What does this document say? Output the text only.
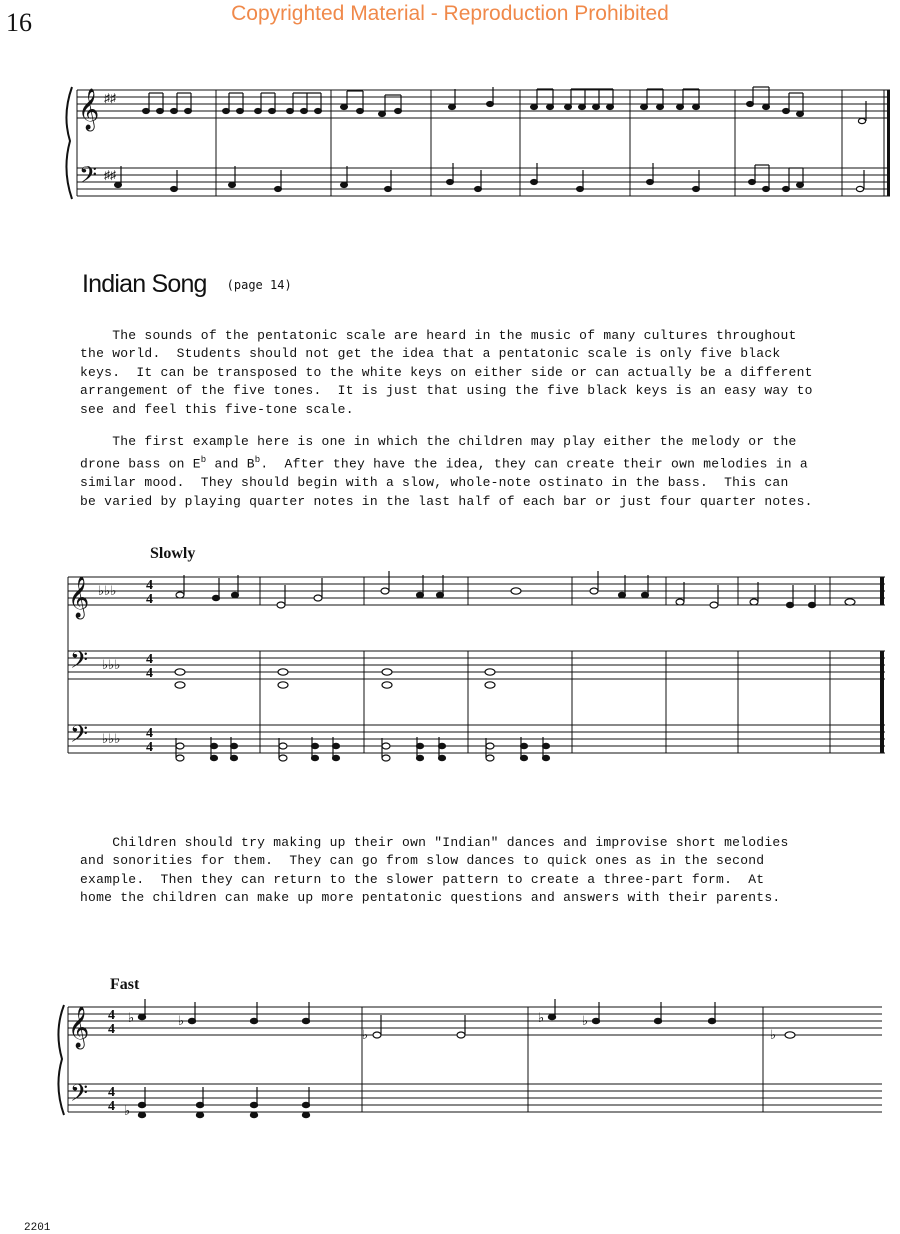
16	Copyrighted Material - Reproduction Prohibited
𝄞
𝄢
♯♯
♯♯
Indian Song (page 14)
The sounds of the pentatonic scale are heard in the music of many cultures throughout
the world.  Students should not get the idea that a pentatonic scale is only five black
keys.  It can be transposed to the white keys on either side or can actually be a different
arrangement of the five tones.  It is just that using the five black keys is an easy way to
see and feel this five-tone scale.
The first example here is one in which the children may play either the melody or the
drone bass on $E^b$ and $B^b$.  After they have the idea, they can create their own melodies in a
similar mood.  They should begin with a slow, whole-note ostinato in the bass.  This can
be varied by playing quarter notes in the last half of each bar or just four quarter notes.
Slowly
𝄞
𝄢
𝄢
♭♭♭
♭♭♭
♭♭♭
4
4
4
4
4
4
Children should try making up their own "Indian" dances and improvise short melodies
and sonorities for them.  They can go from slow dances to quick ones as in the second
example.  Then they can return to the slower pattern to create a three-part form.  At
home the children can make up more pentatonic questions and answers with their parents.
Fast
𝄞
𝄢
4
4
4
4
♭	♭
♭
♭	♭
♭
♭
2201
